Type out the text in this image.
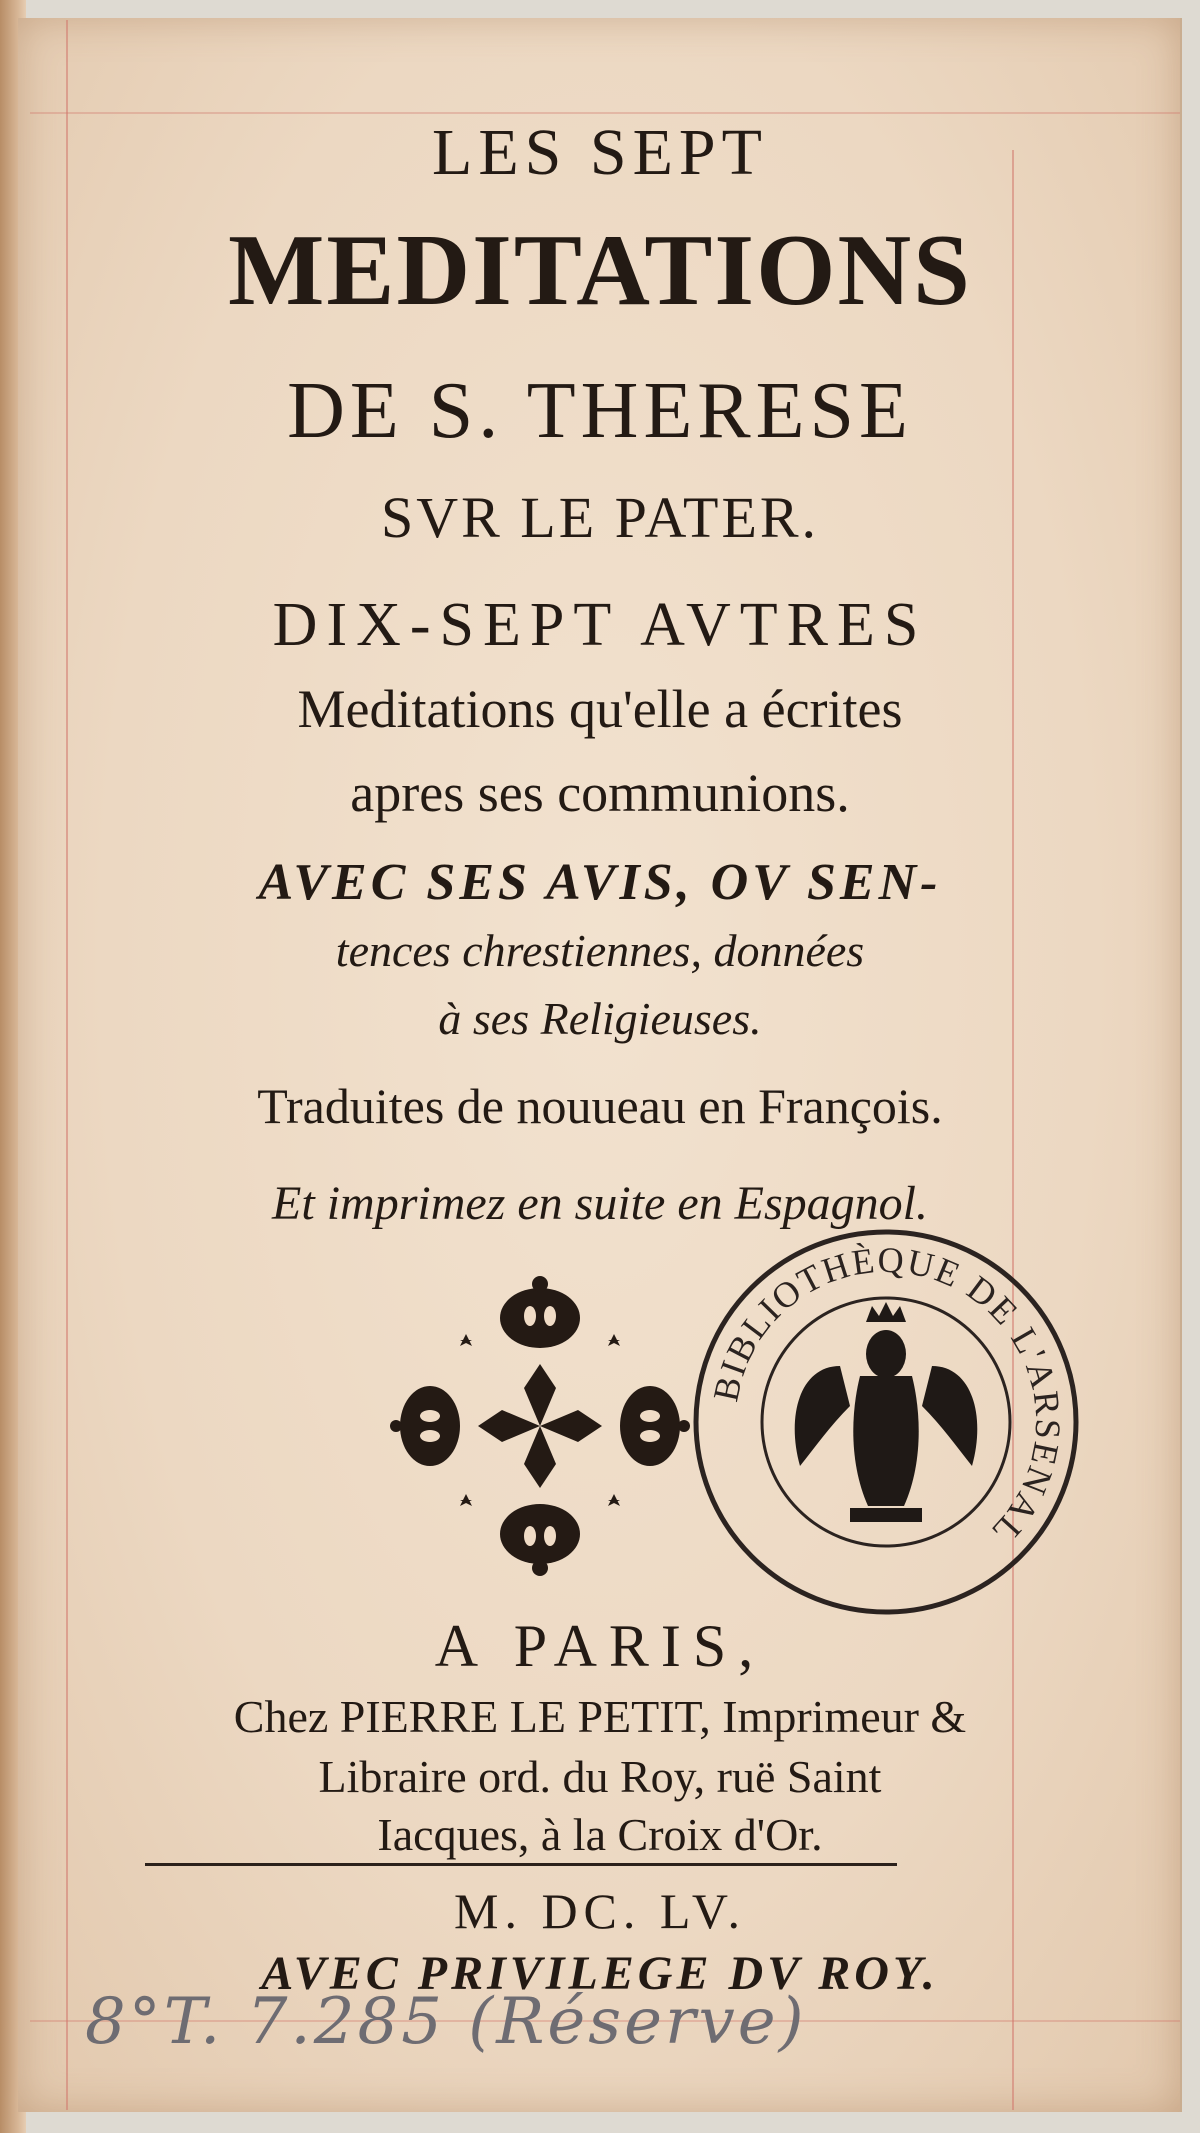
LES SEPT
MEDITATIONS
DE S. THERESE
SVR LE PATER.
DIX-SEPT AVTRES
Meditations qu'elle a écrites
apres ses communions.
AVEC SES AVIS, OV SEN-
tences chrestiennes, données
à ses Religieuses.
Traduites de nouueau en François.
Et imprimez en suite en Espagnol.
BIBLIOTHÈQUE DE L'ARSENAL
A PARIS,
Chez PIERRE LE PETIT, Imprimeur &
Libraire ord. du Roy, ruë Saint
Iacques, à la Croix d'Or.
M. DC. LV.
AVEC PRIVILEGE DV ROY.
8°T. 7.285 (Réserve)
